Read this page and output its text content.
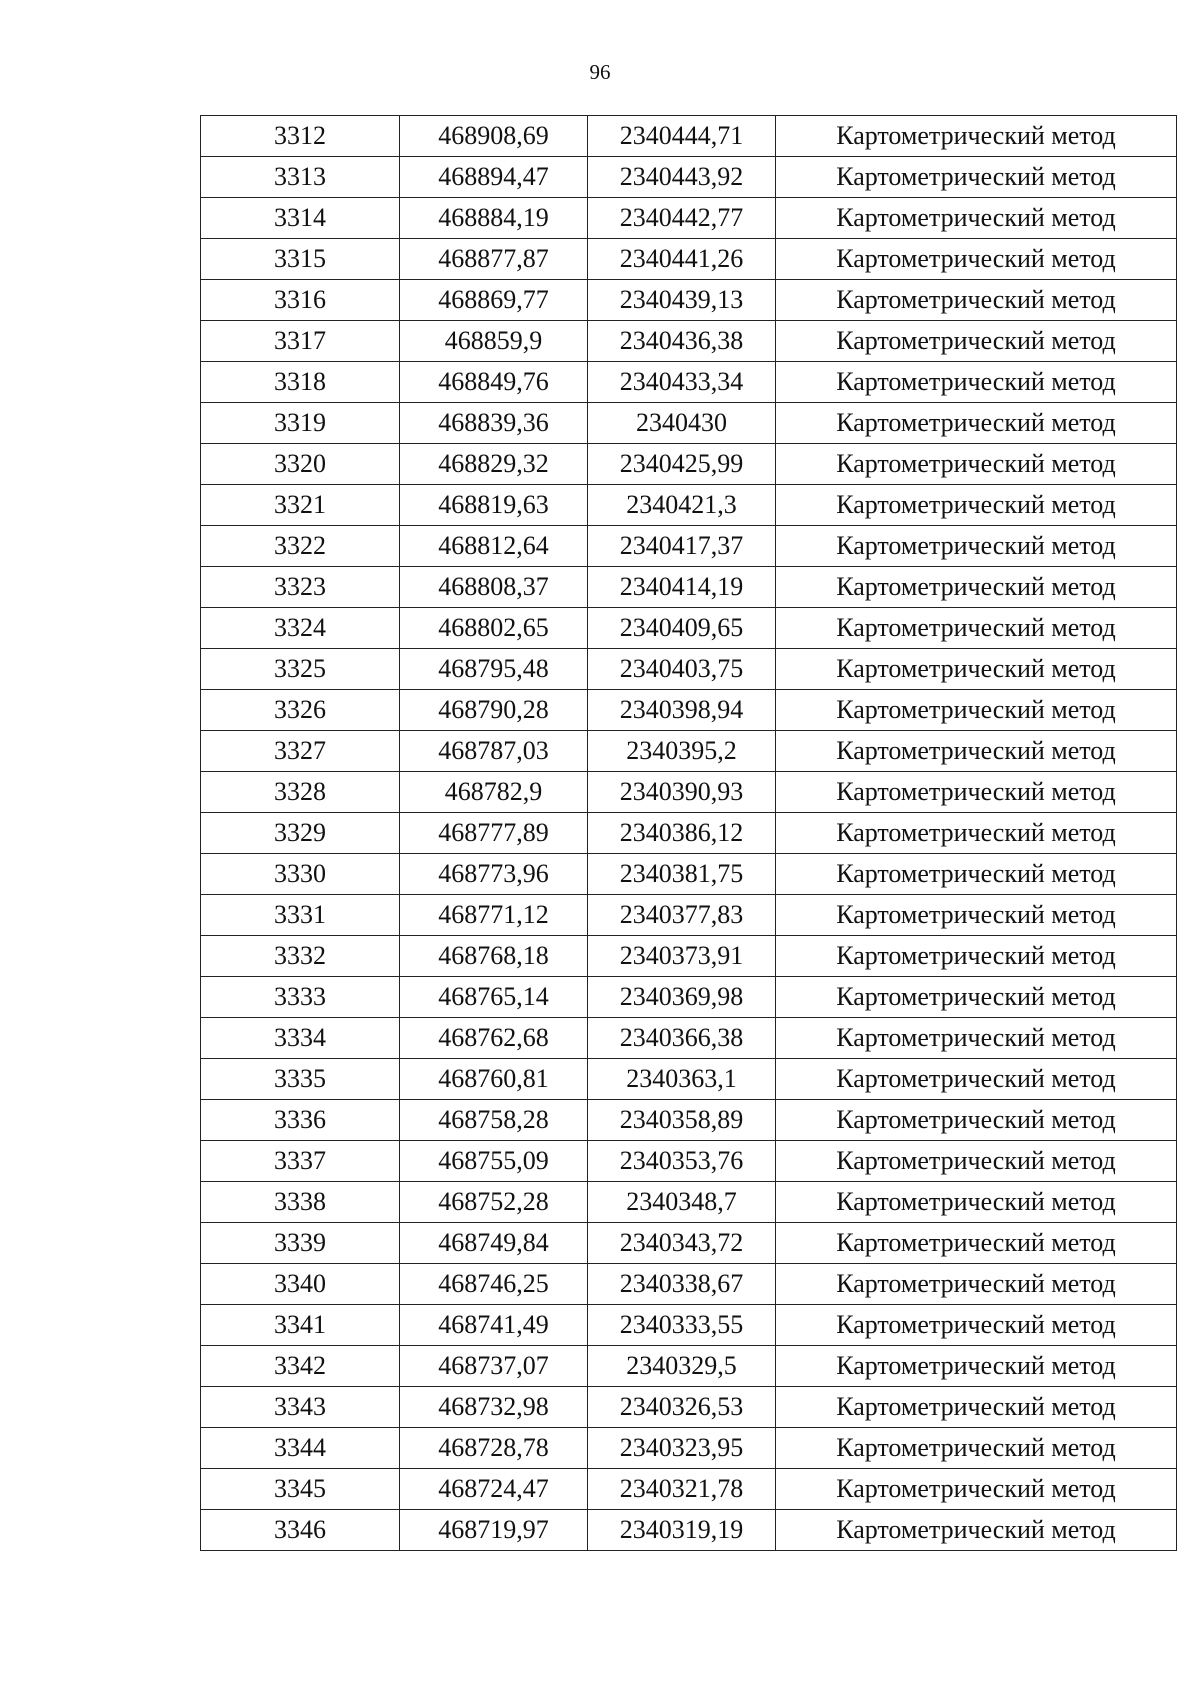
96
3312	468908,69	2340444,71	Картометрический метод
3313	468894,47	2340443,92	Картометрический метод
3314	468884,19	2340442,77	Картометрический метод
3315	468877,87	2340441,26	Картометрический метод
3316	468869,77	2340439,13	Картометрический метод
3317	468859,9	2340436,38	Картометрический метод
3318	468849,76	2340433,34	Картометрический метод
3319	468839,36	2340430	Картометрический метод
3320	468829,32	2340425,99	Картометрический метод
3321	468819,63	2340421,3	Картометрический метод
3322	468812,64	2340417,37	Картометрический метод
3323	468808,37	2340414,19	Картометрический метод
3324	468802,65	2340409,65	Картометрический метод
3325	468795,48	2340403,75	Картометрический метод
3326	468790,28	2340398,94	Картометрический метод
3327	468787,03	2340395,2	Картометрический метод
3328	468782,9	2340390,93	Картометрический метод
3329	468777,89	2340386,12	Картометрический метод
3330	468773,96	2340381,75	Картометрический метод
3331	468771,12	2340377,83	Картометрический метод
3332	468768,18	2340373,91	Картометрический метод
3333	468765,14	2340369,98	Картометрический метод
3334	468762,68	2340366,38	Картометрический метод
3335	468760,81	2340363,1	Картометрический метод
3336	468758,28	2340358,89	Картометрический метод
3337	468755,09	2340353,76	Картометрический метод
3338	468752,28	2340348,7	Картометрический метод
3339	468749,84	2340343,72	Картометрический метод
3340	468746,25	2340338,67	Картометрический метод
3341	468741,49	2340333,55	Картометрический метод
3342	468737,07	2340329,5	Картометрический метод
3343	468732,98	2340326,53	Картометрический метод
3344	468728,78	2340323,95	Картометрический метод
3345	468724,47	2340321,78	Картометрический метод
3346	468719,97	2340319,19	Картометрический метод
